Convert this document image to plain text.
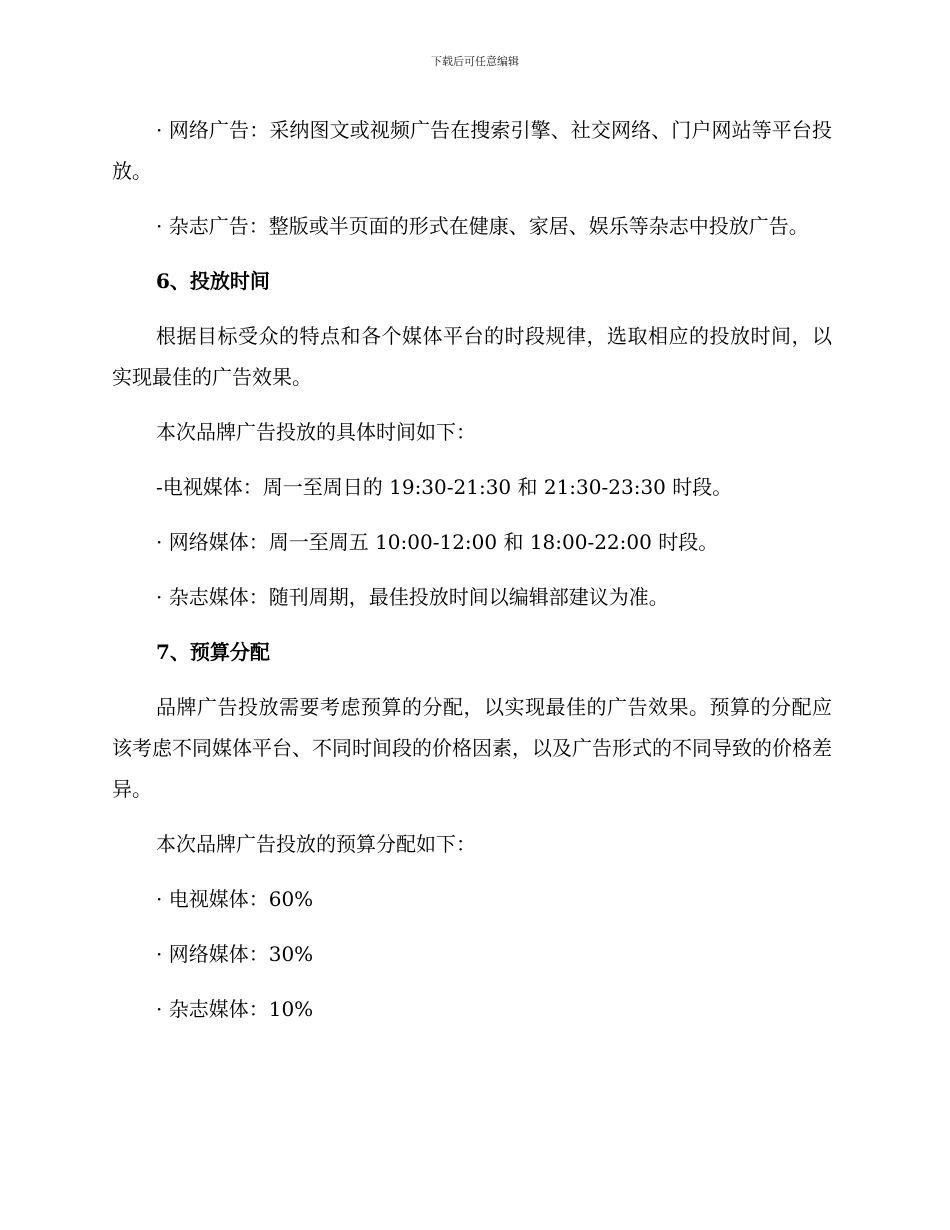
下载后可任意编辑

· 网络广告：采纳图文或视频广告在搜索引擎、社交网络、门户网站等平台投放。

· 杂志广告：整版或半页面的形式在健康、家居、娱乐等杂志中投放广告。

6、投放时间

根据目标受众的特点和各个媒体平台的时段规律，选取相应的投放时间，以实现最佳的广告效果。

本次品牌广告投放的具体时间如下：

-电视媒体：周一至周日的 19:30-21:30 和 21:30-23:30 时段。

· 网络媒体：周一至周五 10:00-12:00 和 18:00-22:00 时段。

· 杂志媒体：随刊周期，最佳投放时间以编辑部建议为准。

7、预算分配

品牌广告投放需要考虑预算的分配，以实现最佳的广告效果。预算的分配应该考虑不同媒体平台、不同时间段的价格因素，以及广告形式的不同导致的价格差异。

本次品牌广告投放的预算分配如下：

· 电视媒体：60%

· 网络媒体：30%

· 杂志媒体：10%
